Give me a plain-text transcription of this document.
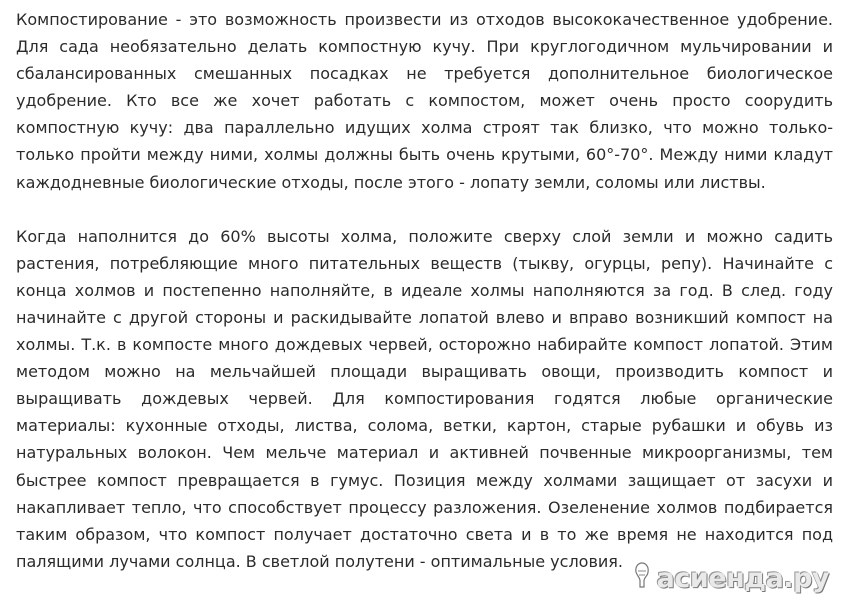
Компостирование - это возможность произвести из отходов высококачественное удобрение. Для сада необязательно делать компостную кучу. При круглогодичном мульчировании и сбалансированных смешанных посадках не требуется дополнительное биологическое удобрение. Кто все же хочет работать с компостом, может очень просто соорудить компостную кучу: два параллельно идущих холма строят так близко, что можно только-только пройти между ними, холмы должны быть очень крутыми, 60°-70°. Между ними кладут каждодневные биологические отходы, после этого - лопату земли, соломы или листвы.

Когда наполнится до 60% высоты холма, положите сверху слой земли и можно садить растения, потребляющие много питательных веществ (тыкву, огурцы, репу). Начинайте с конца холмов и постепенно наполняйте, в идеале холмы наполняются за год. В след. году начинайте с другой стороны и раскидывайте лопатой влево и вправо возникший компост на холмы. Т.к. в компосте много дождевых червей, осторожно набирайте компост лопатой. Этим методом можно на мельчайшей площади выращивать овощи, производить компост и выращивать дождевых червей. Для компостирования годятся любые органические материалы: кухонные отходы, листва, солома, ветки, картон, старые рубашки и обувь из натуральных волокон. Чем мельче материал и активней почвенные микроорганизмы, тем быстрее компост превращается в гумус. Позиция между холмами защищает от засухи и накапливает тепло, что способствует процессу разложения. Озеленение холмов подбирается таким образом, что компост получает достаточно света и в то же время не находится под палящими лучами солнца. В светлой полутени - оптимальные условия.

асиенда.ру
